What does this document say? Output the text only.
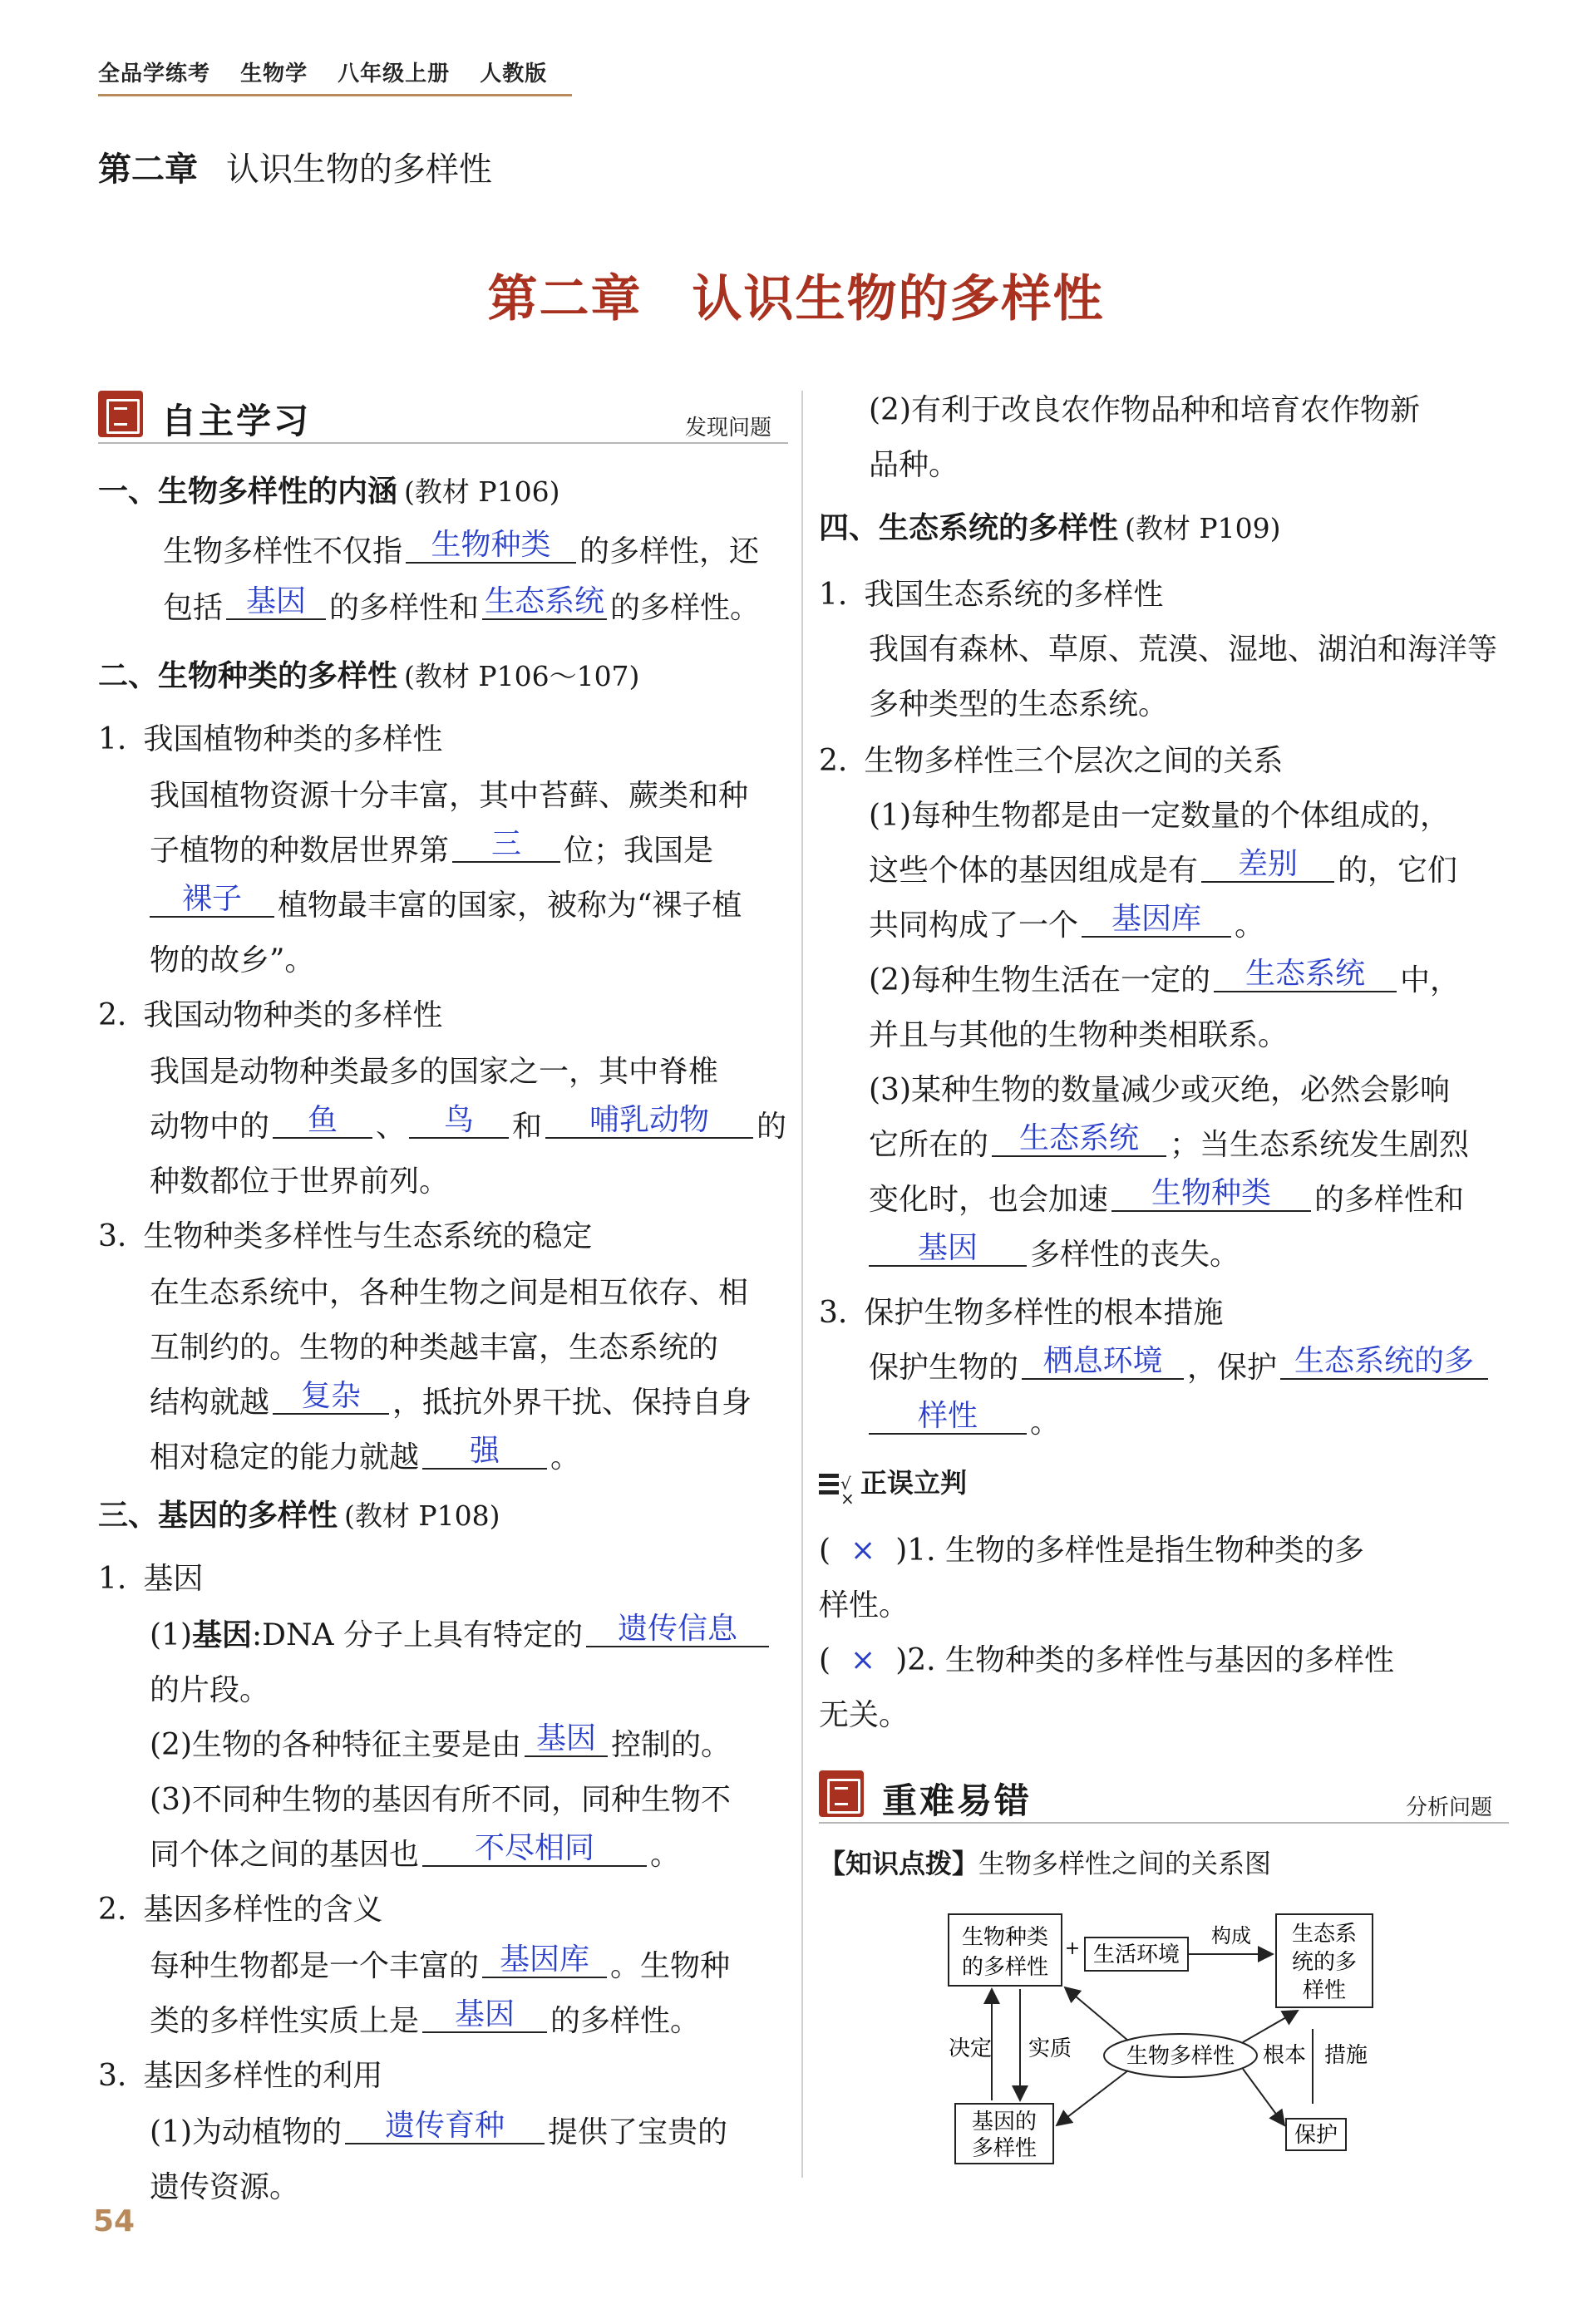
全品学练考 生物学 八年级上册 人教版
第二章 认识生物的多样性
第二章 认识生物的多样性
自主学习	发现问题
一、生物多样性的内涵 (教材 P106)
生物多样性不仅指 生物种类 的多样性，还
包括 基因 的多样性和 生态系统 的多样性。
二、生物种类的多样性 (教材 P106～107)
1. 我国植物种类的多样性
我国植物资源十分丰富，其中苔藓、蕨类和种
子植物的种数居世界第 三 位；我国是
裸子 植物最丰富的国家，被称为“裸子植
物的故乡”。
2. 我国动物种类的多样性
我国是动物种类最多的国家之一，其中脊椎
动物中的 鱼 、 鸟 和 哺乳动物 的
种数都位于世界前列。
3. 生物种类多样性与生态系统的稳定
在生态系统中，各种生物之间是相互依存、相
互制约的。生物的种类越丰富，生态系统的
结构就越 复杂 ，抵抗外界干扰、保持自身
相对稳定的能力就越 强 。
三、基因的多样性 (教材 P108)
1. 基因
(1)基因:DNA 分子上具有特定的 遗传信息
的片段。
(2)生物的各种特征主要是由 基因 控制的。
(3)不同种生物的基因有所不同，同种生物不
同个体之间的基因也 不尽相同 。
2. 基因多样性的含义
每种生物都是一个丰富的 基因库 。生物种
类的多样性实质上是 基因 的多样性。
3. 基因多样性的利用
(1)为动植物的 遗传育种 提供了宝贵的
遗传资源。
(2)有利于改良农作物品种和培育农作物新
品种。
四、生态系统的多样性 (教材 P109)
1. 我国生态系统的多样性
我国有森林、草原、荒漠、湿地、湖泊和海洋等
多种类型的生态系统。
2. 生物多样性三个层次之间的关系
(1)每种生物都是由一定数量的个体组成的，
这些个体的基因组成是有 差别 的，它们
共同构成了一个 基因库 。
(2)每种生物生活在一定的 生态系统 中，
并且与其他的生物种类相联系。
(3)某种生物的数量减少或灭绝，必然会影响
它所在的 生态系统 ；当生态系统发生剧烈
变化时，也会加速 生物种类 的多样性和
基因 多样性的丧失。
3. 保护生物多样性的根本措施
保护生物的 栖息环境 ，保护 生态系统的多
样性 。
√
× 正误立判
( × )1. 生物的多样性是指生物种类的多
样性。
( × )2. 生物种类的多样性与基因的多样性
无关。
重难易错	分析问题
【知识点拨】生物多样性之间的关系图
生物种类
的多样性
+ 生活环境
构成 生态系
统的多
样性
决定 实质
基因的
多样性
生物多样性 根本 措施
保护
54
